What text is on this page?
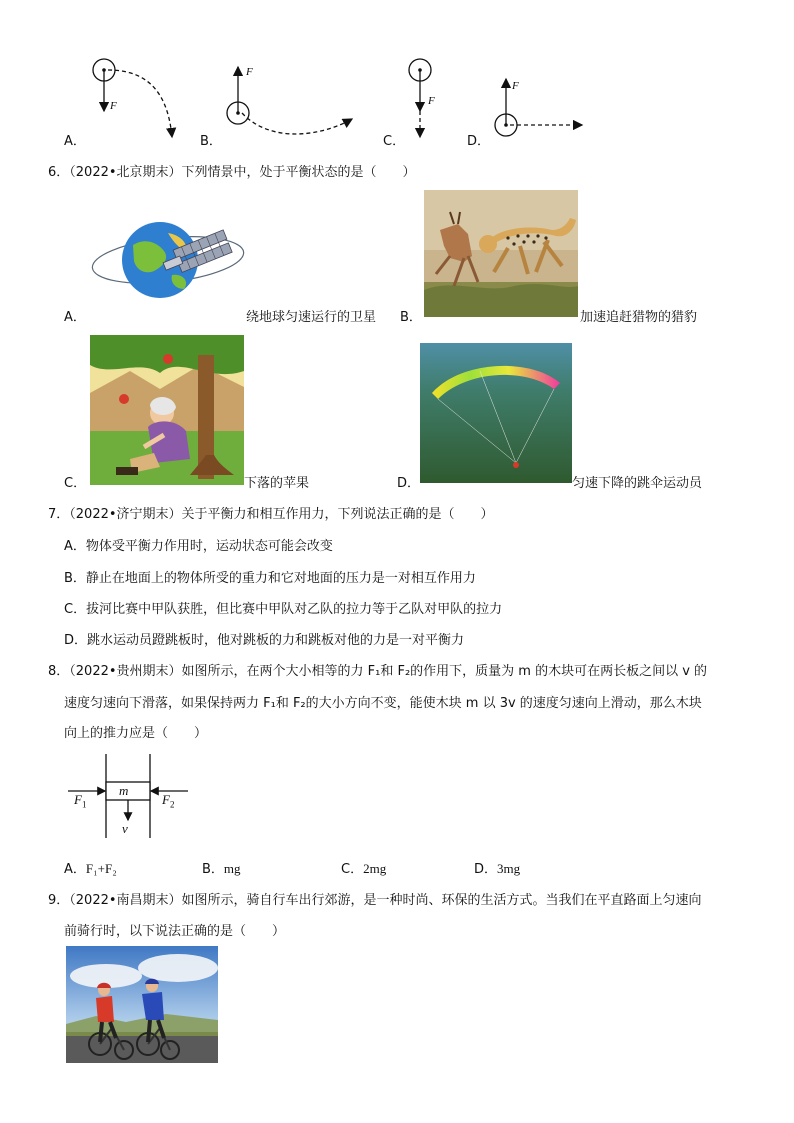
F
F
F
F
A．	B．	C．	D．
6．（2022•北京期末）下列情景中，处于平衡状态的是（　　）
A．	绕地球匀速运行的卫星 B．	加速追赶猎物的猎豹
C．	下落的苹果	D．	匀速下降的跳伞运动员
7．（2022•济宁期末）关于平衡力和相互作用力，下列说法正确的是（　　）
A．物体受平衡力作用时，运动状态可能会改变
B．静止在地面上的物体所受的重力和它对地面的压力是一对相互作用力
C．拔河比赛中甲队获胜，但比赛中甲队对乙队的拉力等于乙队对甲队的拉力
D．跳水运动员蹬跳板时，他对跳板的力和跳板对他的力是一对平衡力
8．（2022•贵州期末）如图所示，在两个大小相等的力 F₁和 F₂的作用下，质量为 m 的木块可在两长板之间以 v 的
速度匀速向下滑落，如果保持两力 F₁和 F₂的大小方向不变，能使木块 m 以 3v 的速度匀速向上滑动，那么木块
向上的推力应是（　　）
m
v
$F_1$	$F_2$
A．F₁+F₂	B．mg	C．2mg	D．3mg
9．（2022•南昌期末）如图所示，骑自行车出行郊游，是一种时尚、环保的生活方式。当我们在平直路面上匀速向
前骑行时，以下说法正确的是（　　）
